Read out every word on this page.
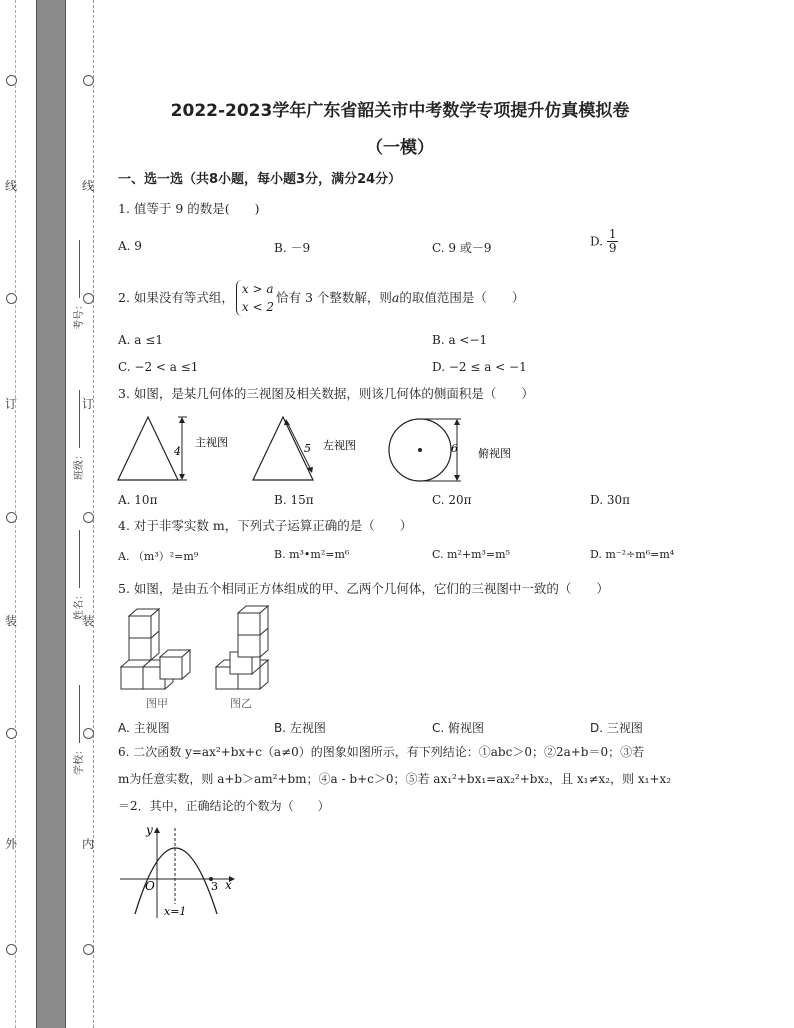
线
订
装
外
线
订
装
内
考号：
班级：
姓名：
学校：
2022-2023学年广东省韶关市中考数学专项提升仿真模拟卷
（一模）
一、选一选（共8小题，每小题3分，满分24分）
1. 值等于 9 的数是(　　)
A. 9	B. －9	C. 9 或－9	D. $\frac{1}{9}$
2. 如果没有等式组，
x > a
x < 2
恰有 3 个整数解，则a的取值范围是（　　）
A. a ≤1	B. a <−1
C. −2 < a ≤1	D. −2 ≤ a < −1
3. 如图，是某几何体的三视图及相关数据，则该几何体的侧面积是（　　）
4
主视图	5 左视图	6 俯视图
A. 10π	B. 15π	C. 20π	D. 30π
4. 对于非零实数 m，下列式子运算正确的是（　　）
A. （m³）²=m⁹	B. m³•m²=m⁶	C. m²+m³=m⁵	D. m⁻²÷m⁶=m⁴
5. 如图，是由五个相同正方体组成的甲、乙两个几何体，它们的三视图中一致的（　　）
图甲	图乙
A. 主视图	B. 左视图	C. 俯视图	D. 三视图
6. 二次函数 y=ax²+bx+c（a≠0）的图象如图所示，有下列结论：①abc＞0；②2a+b＝0；③若
m为任意实数，则 a+b＞am²+bm；④a - b+c＞0；⑤若 ax₁²+bx₁=ax₂²+bx₂，且 x₁≠x₂，则 x₁+x₂
＝2．其中，正确结论的个数为（　　）
y
x
O	3
x=1
